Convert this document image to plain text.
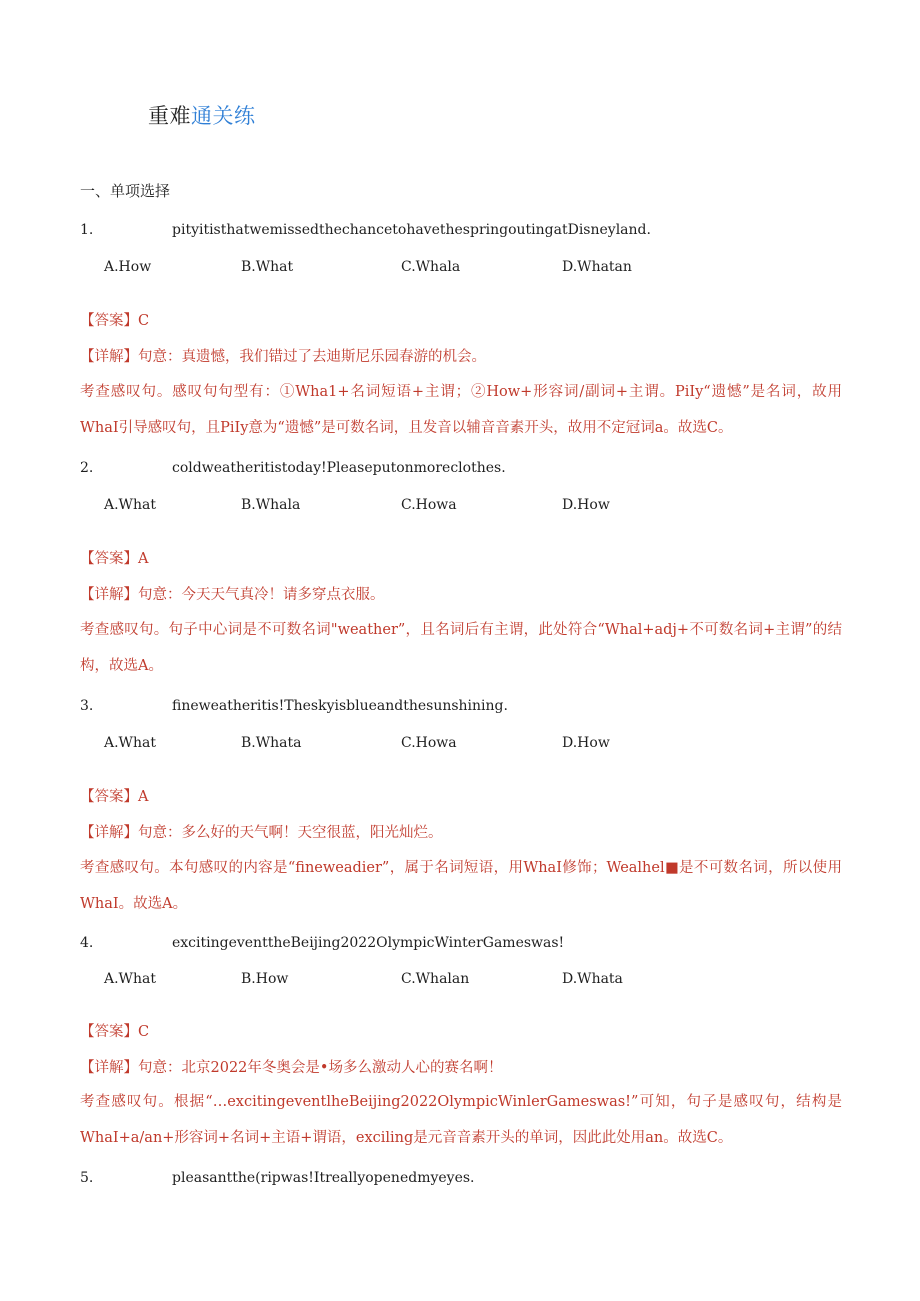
重难通关练
一、单项选择
1.	pityitisthatwemissedthechancetohavethespringoutingatDisneyland.
A.How	B.What	C.Whala	D.Whatan
【答案】C
【详解】句意：真遗憾，我们错过了去迪斯尼乐园春游的机会。
考查感叹句。感叹句句型有：①Wha1+名词短语+主谓；②How+形容词/副词+主谓。PiIy“遗憾”是名词，故用WhaI引导感叹句，且PiIy意为“遗憾”是可数名词，且发音以辅音音素开头，故用不定冠词a。故选C。
2.	coldweatheritistoday!Pleaseputonmoreclothes.
A.What	B.Whala	C.Howa	D.How
【答案】A
【详解】句意：今天天气真冷！请多穿点衣服。
考查感叹句。句子中心词是不可数名词"weather”，且名词后有主谓，此处符合“Whal+adj+不可数名词+主谓”的结构，故选A。
3.	fineweatheritis!Theskyisblueandthesunshining.
A.What	B.Whata	C.Howa	D.How
【答案】A
【详解】句意：多么好的天气啊！天空很蓝，阳光灿烂。
考查感叹句。本句感叹的内容是“fineweadier”，属于名词短语，用WhaI修饰；Wealhel■是不可数名词，所以使用WhaI。故选A。
4.	excitingeventtheBeijing2022OlympicWinterGameswas!
A.What	B.How	C.Whalan	D.Whata
【答案】C
【详解】句意：北京2022年冬奥会是•场多么激动人心的赛名啊！
考查感叹句。根据“…excitingeventlheBeijing2022OlympicWinlerGameswas!”可知，句子是感叹句，结构是WhaI+a/an+形容词+名词+主语+谓语，exciling是元音音素开头的单词，因此此处用an。故选C。
5.	pleasantthe(ripwas!Itreallyopenedmyeyes.
